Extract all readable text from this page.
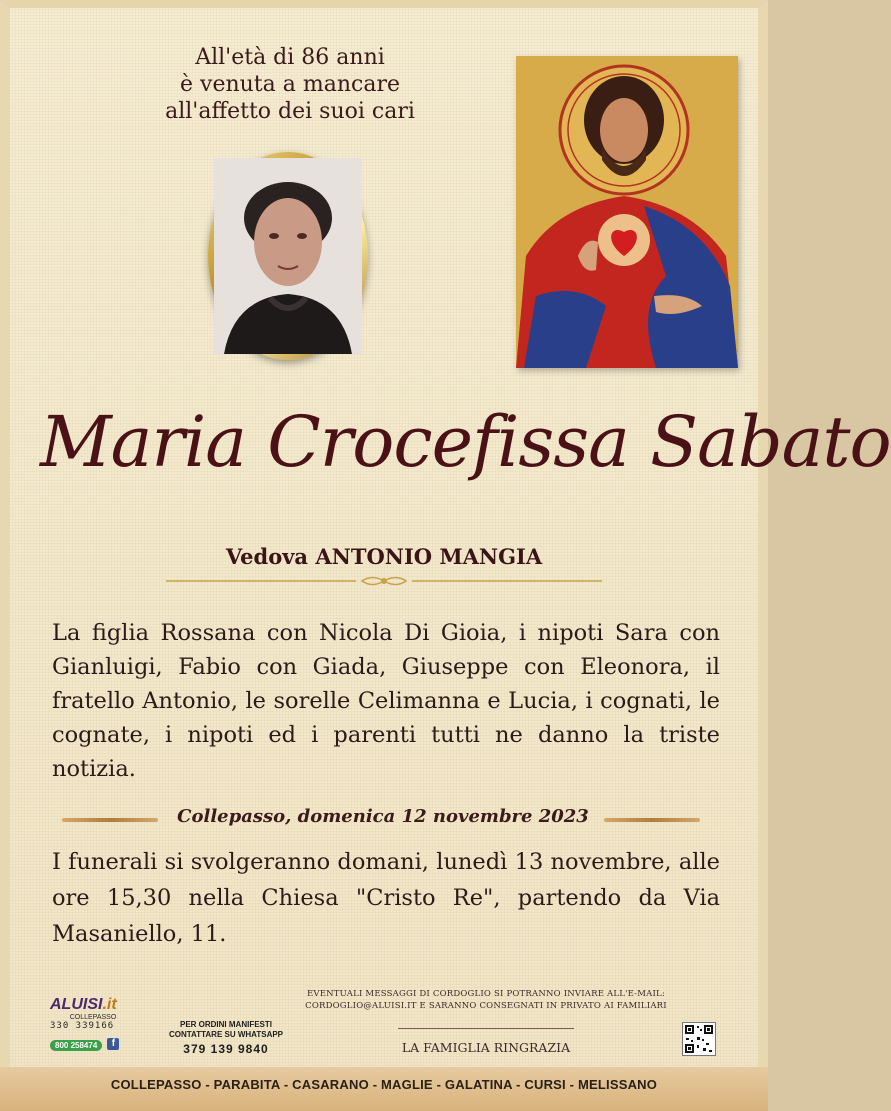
All'età di 86 anni
è venuta a mancare
all'affetto dei suoi cari
Maria Crocefissa Sabato
Vedova ANTONIO MANGIA
La figlia Rossana con Nicola Di Gioia, i nipoti Sara con Gianluigi, Fabio con Giada, Giuseppe con Eleonora, il fratello Antonio, le sorelle Celimanna e Lucia, i cognati, le cognate, i nipoti ed i parenti tutti ne danno la triste notizia.
Collepasso, domenica 12 novembre 2023
I funerali si svolgeranno domani, lunedì 13 novembre, alle ore 15,30 nella Chiesa "Cristo Re", partendo da Via Masaniello, 11.
ALUISI.it
COLLEPASSO
330 339166
800 258474 f
PER ORDINI MANIFESTI
CONTATTARE SU WHATSAPP
379 139 9840
EVENTUALI MESSAGGI DI CORDOGLIO SI POTRANNO INVIARE ALL'E-MAIL:
CORDOGLIO@ALUISI.IT E SARANNO CONSEGNATI IN PRIVATO AI FAMILIARI
LA FAMIGLIA RINGRAZIA
COLLEPASSO - PARABITA - CASARANO - MAGLIE - GALATINA - CURSI - MELISSANO
